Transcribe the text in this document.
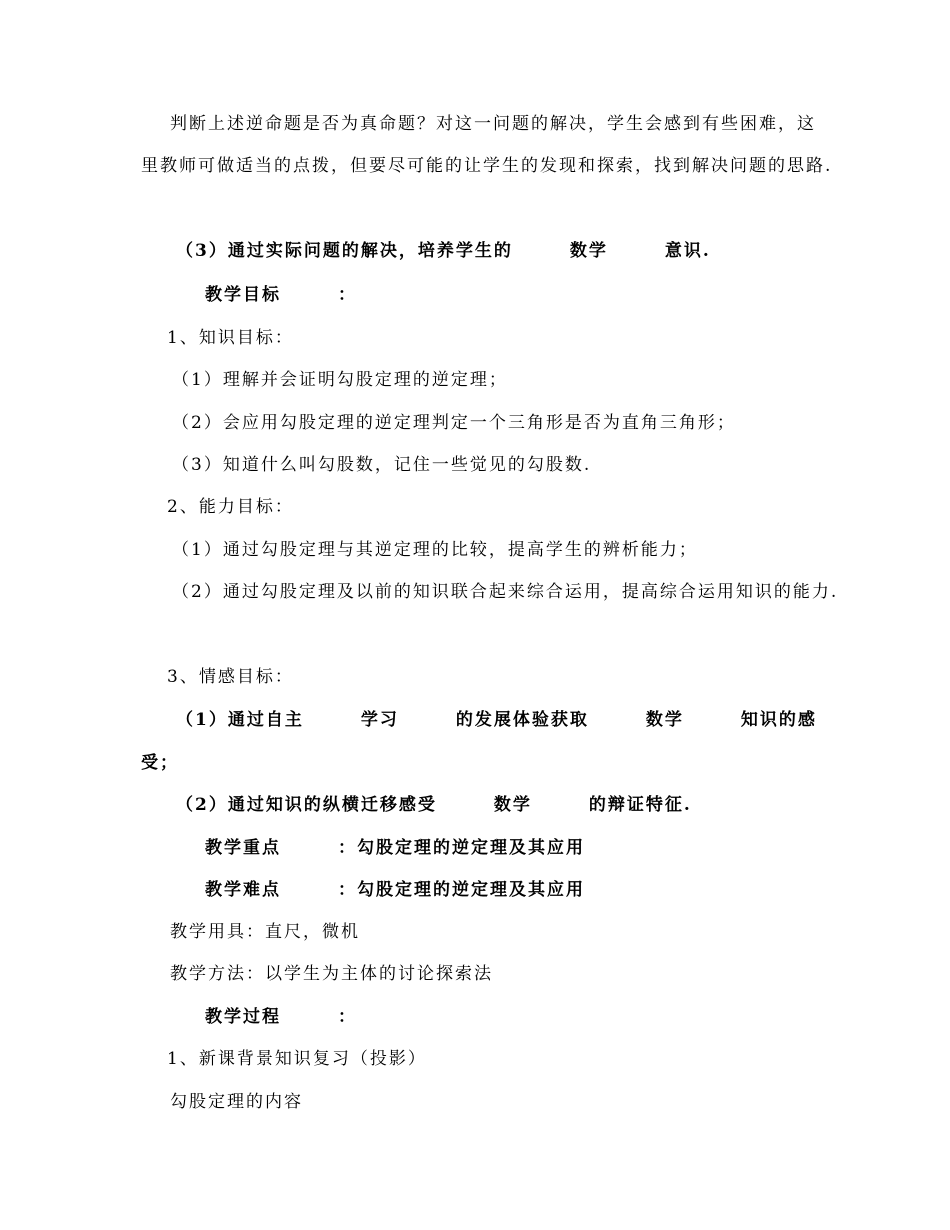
判断上述逆命题是否为真命题？对这一问题的解决，学生会感到有些困难，这
里教师可做适当的点拨，但要尽可能的让学生的发现和探索，找到解决问题的思路.
（3）通过实际问题的解决，培养学生的　　　数学　　　意识.
教学目标　　　：
1、知识目标：
（1）理解并会证明勾股定理的逆定理；
（2）会应用勾股定理的逆定理判定一个三角形是否为直角三角形；
（3）知道什么叫勾股数，记住一些觉见的勾股数.
2、能力目标：
（1）通过勾股定理与其逆定理的比较，提高学生的辨析能力；
（2）通过勾股定理及以前的知识联合起来综合运用，提高综合运用知识的能力.
3、情感目标：
（1）通过自主　　　学习　　　的发展体验获取　　　数学　　　知识的感
受；
（2）通过知识的纵横迁移感受　　　数学　　　的辩证特征.
教学重点　　　：勾股定理的逆定理及其应用
教学难点　　　：勾股定理的逆定理及其应用
教学用具：直尺，微机
教学方法：以学生为主体的讨论探索法
教学过程　　　：
1、新课背景知识复习（投影）
勾股定理的内容
